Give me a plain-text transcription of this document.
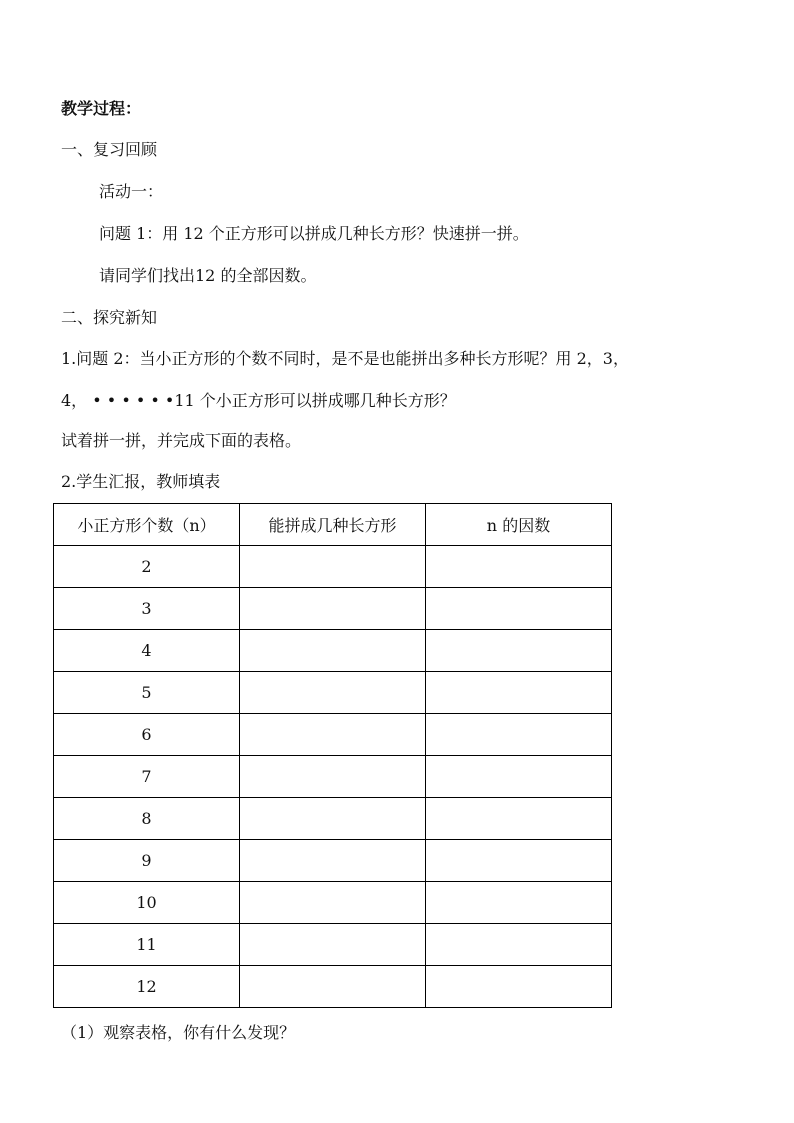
教学过程：
一、复习回顾
活动一：
问题 1：用 12 个正方形可以拼成几种长方形？快速拼一拼。
请同学们找出12 的全部因数。
二、探究新知
1.问题 2：当小正方形的个数不同时，是不是也能拼出多种长方形呢？用 2，3，
4， • • • • • •11 个小正方形可以拼成哪几种长方形？
试着拼一拼，并完成下面的表格。
2.学生汇报，教师填表
小正方形个数（n）	能拼成几种长方形	n 的因数
2		
3		
4		
5		
6		
7		
8		
9		
10		
11		
12		
（1）观察表格，你有什么发现？
